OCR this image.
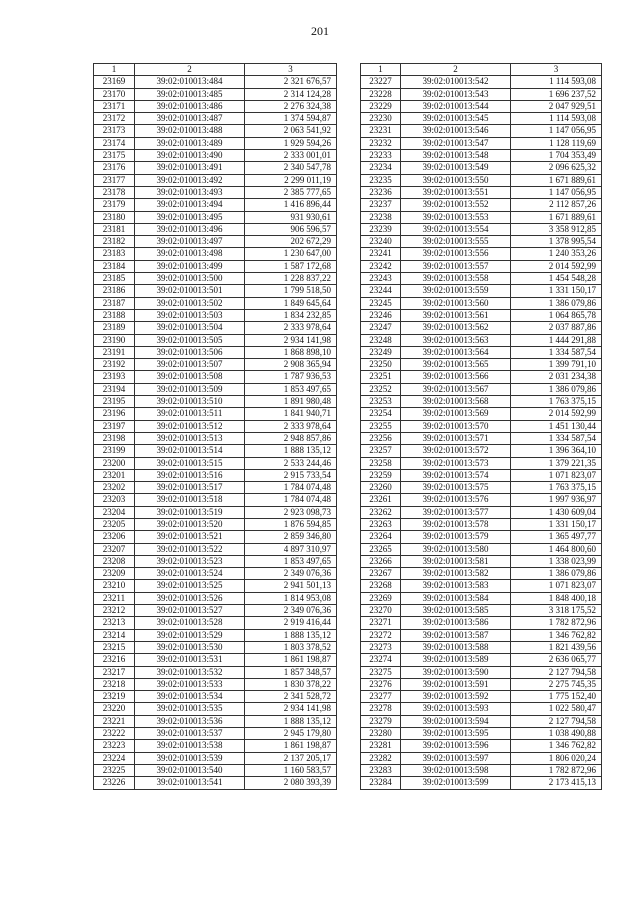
201
1	2	3
23169	39:02:010013:484	2 321 676,57
23170	39:02:010013:485	2 314 124,28
23171	39:02:010013:486	2 276 324,38
23172	39:02:010013:487	1 374 594,87
23173	39:02:010013:488	2 063 541,92
23174	39:02:010013:489	1 929 594,26
23175	39:02:010013:490	2 333 001,01
23176	39:02:010013:491	2 340 547,78
23177	39:02:010013:492	2 299 011,19
23178	39:02:010013:493	2 385 777,65
23179	39:02:010013:494	1 416 896,44
23180	39:02:010013:495	931 930,61
23181	39:02:010013:496	906 596,57
23182	39:02:010013:497	202 672,29
23183	39:02:010013:498	1 230 647,00
23184	39:02:010013:499	1 587 172,68
23185	39:02:010013:500	1 228 837,22
23186	39:02:010013:501	1 799 518,50
23187	39:02:010013:502	1 849 645,64
23188	39:02:010013:503	1 834 232,85
23189	39:02:010013:504	2 333 978,64
23190	39:02:010013:505	2 934 141,98
23191	39:02:010013:506	1 868 898,10
23192	39:02:010013:507	2 908 365,94
23193	39:02:010013:508	1 787 936,53
23194	39:02:010013:509	1 853 497,65
23195	39:02:010013:510	1 891 980,48
23196	39:02:010013:511	1 841 940,71
23197	39:02:010013:512	2 333 978,64
23198	39:02:010013:513	2 948 857,86
23199	39:02:010013:514	1 888 135,12
23200	39:02:010013:515	2 533 244,46
23201	39:02:010013:516	2 915 733,54
23202	39:02:010013:517	1 784 074,48
23203	39:02:010013:518	1 784 074,48
23204	39:02:010013:519	2 923 098,73
23205	39:02:010013:520	1 876 594,85
23206	39:02:010013:521	2 859 346,80
23207	39:02:010013:522	4 897 310,97
23208	39:02:010013:523	1 853 497,65
23209	39:02:010013:524	2 349 076,36
23210	39:02:010013:525	2 941 501,13
23211	39:02:010013:526	1 814 953,08
23212	39:02:010013:527	2 349 076,36
23213	39:02:010013:528	2 919 416,44
23214	39:02:010013:529	1 888 135,12
23215	39:02:010013:530	1 803 378,52
23216	39:02:010013:531	1 861 198,87
23217	39:02:010013:532	1 857 348,57
23218	39:02:010013:533	1 830 378,22
23219	39:02:010013:534	2 341 528,72
23220	39:02:010013:535	2 934 141,98
23221	39:02:010013:536	1 888 135,12
23222	39:02:010013:537	2 945 179,80
23223	39:02:010013:538	1 861 198,87
23224	39:02:010013:539	2 137 205,17
23225	39:02:010013:540	1 160 583,57
23226	39:02:010013:541	2 080 393,39
1	2	3
23227	39:02:010013:542	1 114 593,08
23228	39:02:010013:543	1 696 237,52
23229	39:02:010013:544	2 047 929,51
23230	39:02:010013:545	1 114 593,08
23231	39:02:010013:546	1 147 056,95
23232	39:02:010013:547	1 128 119,69
23233	39:02:010013:548	1 704 353,49
23234	39:02:010013:549	2 096 625,32
23235	39:02:010013:550	1 671 889,61
23236	39:02:010013:551	1 147 056,95
23237	39:02:010013:552	2 112 857,26
23238	39:02:010013:553	1 671 889,61
23239	39:02:010013:554	3 358 912,85
23240	39:02:010013:555	1 378 995,54
23241	39:02:010013:556	1 240 353,26
23242	39:02:010013:557	2 014 592,99
23243	39:02:010013:558	1 454 548,28
23244	39:02:010013:559	1 331 150,17
23245	39:02:010013:560	1 386 079,86
23246	39:02:010013:561	1 064 865,78
23247	39:02:010013:562	2 037 887,86
23248	39:02:010013:563	1 444 291,88
23249	39:02:010013:564	1 334 587,54
23250	39:02:010013:565	1 399 791,10
23251	39:02:010013:566	2 031 234,38
23252	39:02:010013:567	1 386 079,86
23253	39:02:010013:568	1 763 375,15
23254	39:02:010013:569	2 014 592,99
23255	39:02:010013:570	1 451 130,44
23256	39:02:010013:571	1 334 587,54
23257	39:02:010013:572	1 396 364,10
23258	39:02:010013:573	1 379 221,35
23259	39:02:010013:574	1 071 823,07
23260	39:02:010013:575	1 763 375,15
23261	39:02:010013:576	1 997 936,97
23262	39:02:010013:577	1 430 609,04
23263	39:02:010013:578	1 331 150,17
23264	39:02:010013:579	1 365 497,77
23265	39:02:010013:580	1 464 800,60
23266	39:02:010013:581	1 338 023,99
23267	39:02:010013:582	1 386 079,86
23268	39:02:010013:583	1 071 823,07
23269	39:02:010013:584	1 848 400,18
23270	39:02:010013:585	3 318 175,52
23271	39:02:010013:586	1 782 872,96
23272	39:02:010013:587	1 346 762,82
23273	39:02:010013:588	1 821 439,56
23274	39:02:010013:589	2 636 065,77
23275	39:02:010013:590	2 127 794,58
23276	39:02:010013:591	2 275 745,35
23277	39:02:010013:592	1 775 152,40
23278	39:02:010013:593	1 022 580,47
23279	39:02:010013:594	2 127 794,58
23280	39:02:010013:595	1 038 490,88
23281	39:02:010013:596	1 346 762,82
23282	39:02:010013:597	1 806 020,24
23283	39:02:010013:598	1 782 872,96
23284	39:02:010013:599	2 173 415,13
